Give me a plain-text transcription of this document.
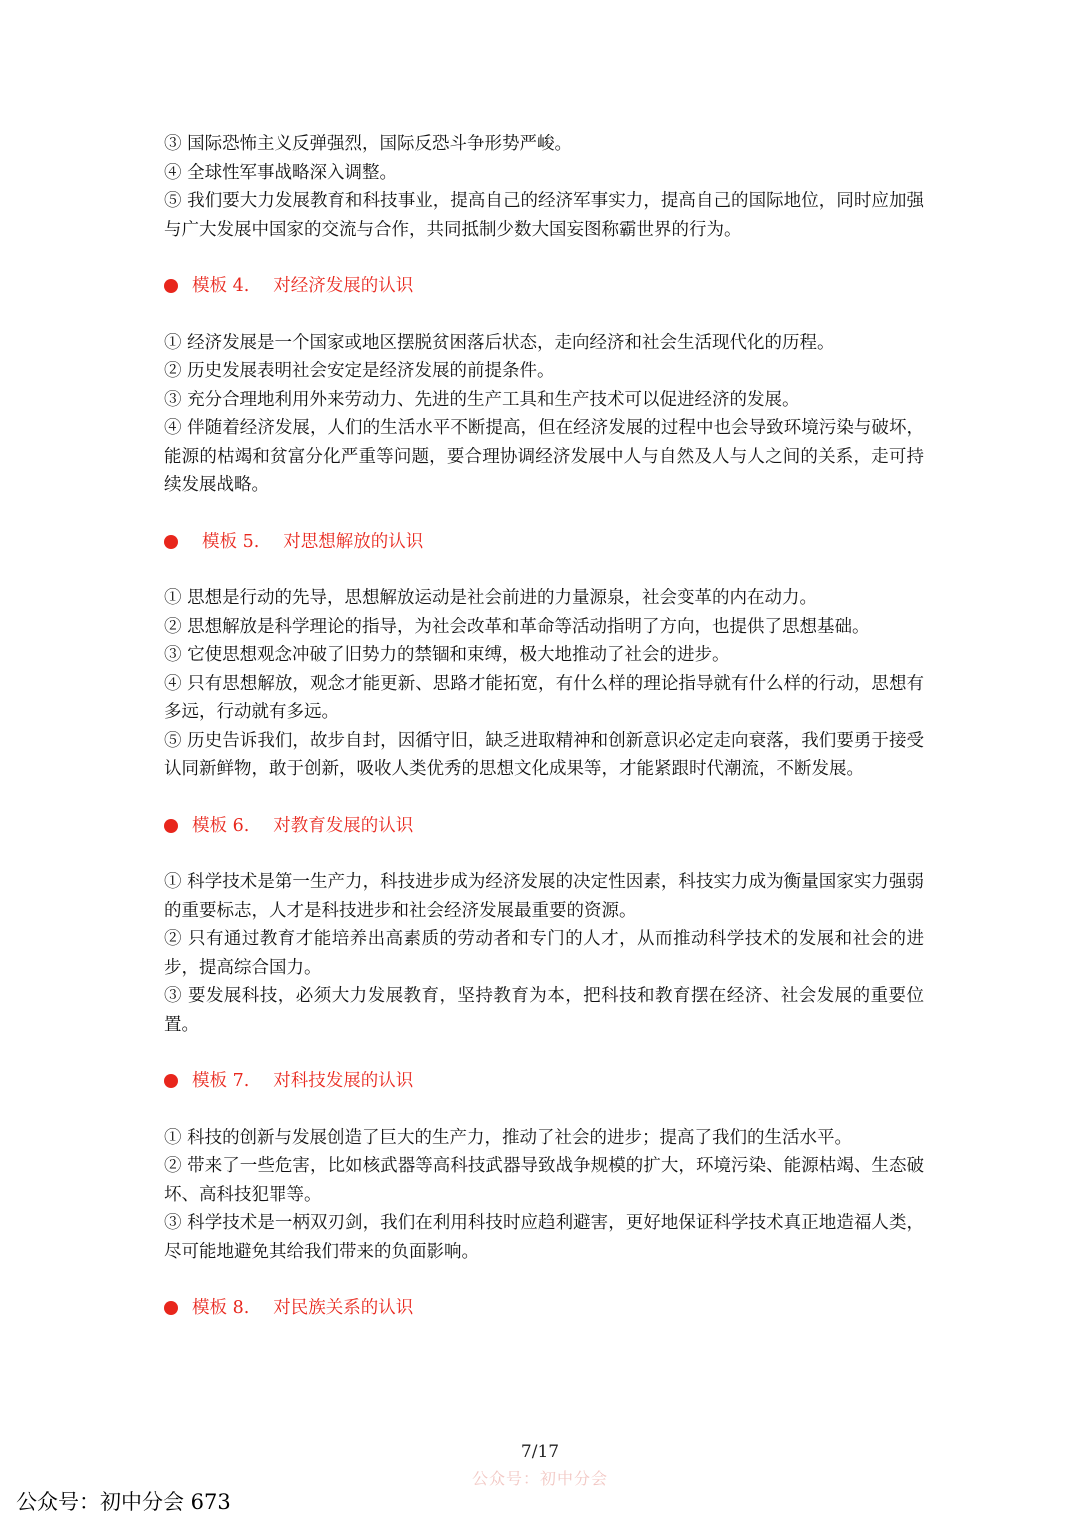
③ 国际恐怖主义反弹强烈，国际反恐斗争形势严峻。

④ 全球性军事战略深入调整。

⑤ 我们要大力发展教育和科技事业，提高自己的经济军事实力，提高自己的国际地位，同时应加强与广大发展中国家的交流与合作，共同抵制少数大国妄图称霸世界的行为。

模板 4. 对经济发展的认识

① 经济发展是一个国家或地区摆脱贫困落后状态，走向经济和社会生活现代化的历程。

② 历史发展表明社会安定是经济发展的前提条件。

③ 充分合理地利用外来劳动力、先进的生产工具和生产技术可以促进经济的发展。

④ 伴随着经济发展，人们的生活水平不断提高，但在经济发展的过程中也会导致环境污染与破坏，能源的枯竭和贫富分化严重等问题，要合理协调经济发展中人与自然及人与人之间的关系，走可持续发展战略。

模板 5. 对思想解放的认识

① 思想是行动的先导，思想解放运动是社会前进的力量源泉，社会变革的内在动力。

② 思想解放是科学理论的指导，为社会改革和革命等活动指明了方向，也提供了思想基础。

③ 它使思想观念冲破了旧势力的禁锢和束缚，极大地推动了社会的进步。

④ 只有思想解放，观念才能更新、思路才能拓宽，有什么样的理论指导就有什么样的行动，思想有多远，行动就有多远。

⑤ 历史告诉我们，故步自封，因循守旧，缺乏进取精神和创新意识必定走向衰落，我们要勇于接受认同新鲜物，敢于创新，吸收人类优秀的思想文化成果等，才能紧跟时代潮流，不断发展。

模板 6. 对教育发展的认识

① 科学技术是第一生产力，科技进步成为经济发展的决定性因素，科技实力成为衡量国家实力强弱的重要标志，人才是科技进步和社会经济发展最重要的资源。

② 只有通过教育才能培养出高素质的劳动者和专门的人才，从而推动科学技术的发展和社会的进步，提高综合国力。

③ 要发展科技，必须大力发展教育，坚持教育为本，把科技和教育摆在经济、社会发展的重要位置。

模板 7. 对科技发展的认识

① 科技的创新与发展创造了巨大的生产力，推动了社会的进步；提高了我们的生活水平。

② 带来了一些危害，比如核武器等高科技武器导致战争规模的扩大，环境污染、能源枯竭、生态破坏、高科技犯罪等。

③ 科学技术是一柄双刃剑，我们在利用科技时应趋利避害，更好地保证科学技术真正地造福人类，尽可能地避免其给我们带来的负面影响。

模板 8. 对民族关系的认识

7/17
公众号：初中分会
公众号：初中分会 673
